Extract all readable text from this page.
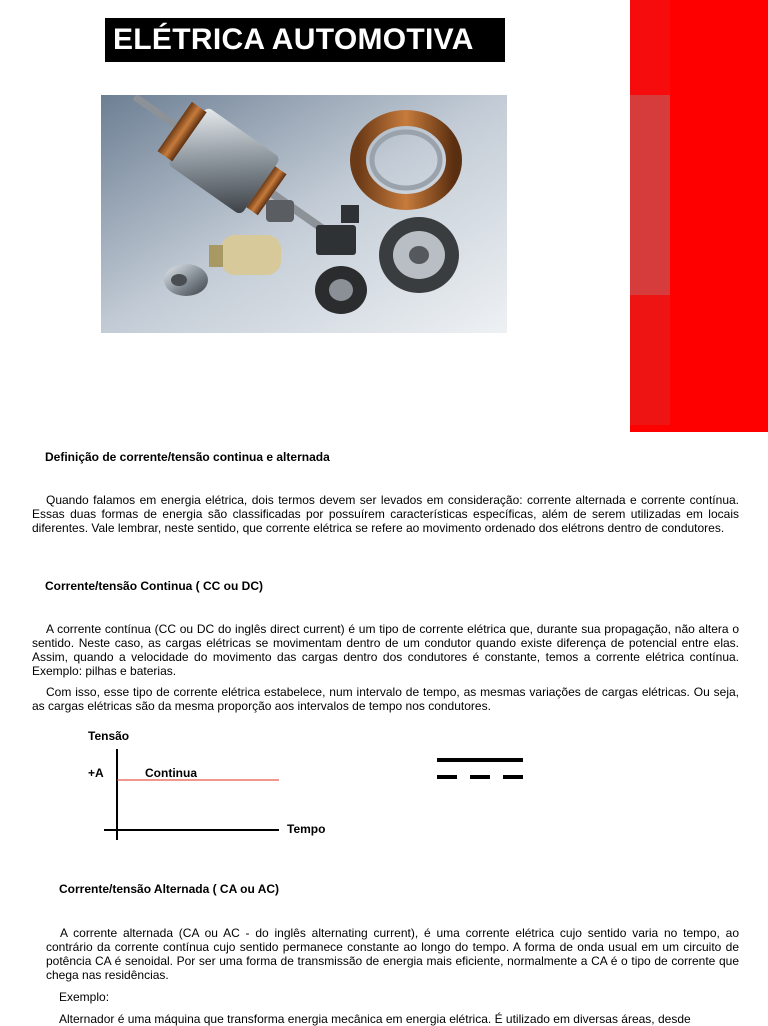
ELÉTRICA AUTOMOTIVA
Definição de corrente/tensão continua e alternada

Quando falamos em energia elétrica, dois termos devem ser levados em consideração: corrente alternada e corrente contínua. Essas duas formas de energia são classificadas por possuírem características específicas, além de serem utilizadas em locais diferentes. Vale lembrar, neste sentido, que corrente elétrica se refere ao movimento ordenado dos elétrons dentro de condutores.

Corrente/tensão Continua ( CC ou DC)

A corrente contínua (CC ou DC do inglês direct current) é um tipo de corrente elétrica que, durante sua propagação, não altera o sentido. Neste caso, as cargas elétricas se movimentam dentro de um condutor quando existe diferença de potencial entre elas. Assim, quando a velocidade do movimento das cargas dentro dos condutores é constante, temos a corrente elétrica contínua. Exemplo: pilhas e baterias.

Com isso, esse tipo de corrente elétrica estabelece, num intervalo de tempo, as mesmas variações de cargas elétricas. Ou seja, as cargas elétricas são da mesma proporção aos intervalos de tempo nos condutores.

Tensão
+A	Continua
Tempo
Corrente/tensão Alternada ( CA ou AC)

A corrente alternada (CA ou AC - do inglês alternating current), é uma corrente elétrica cujo sentido varia no tempo, ao contrário da corrente contínua cujo sentido permanece constante ao longo do tempo. A forma de onda usual em um circuito de potência CA é senoidal. Por ser uma forma de transmissão de energia mais eficiente, normalmente a CA é o tipo de corrente que chega nas residências.

Exemplo:

Alternador é uma máquina que transforma energia mecânica em energia elétrica. É utilizado em diversas áreas, desde
